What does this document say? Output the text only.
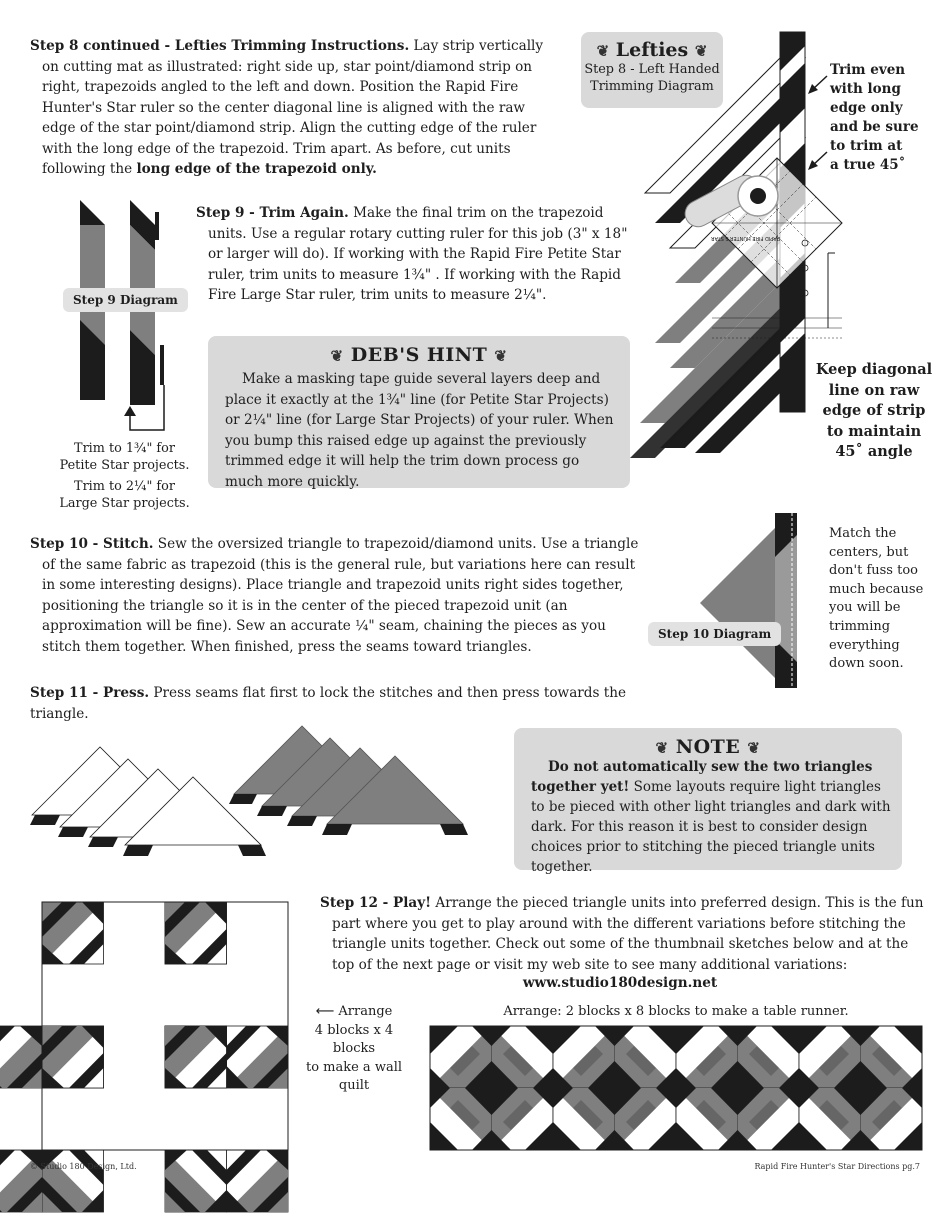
Step 8 continued - Lefties Trimming Instructions. Lay strip vertically on cutting mat as illustrated: right side up, star point/diamond strip on right, trapezoids angled to the left and down. Position the Rapid Fire Hunter's Star ruler so the center diagonal line is aligned with the raw edge of the star point/diamond strip. Align the cutting edge of the ruler with the long edge of the trapezoid. Trim apart. As before, cut units following the long edge of the trapezoid only.
❦ Lefties ❦
Step 8 - Left Handed
Trimming Diagram
RAPID FIRE HUNTER'S STAR
Trim even
with long
edge only
and be sure
to trim at
a true 45˚
Keep diagonal
line on raw
edge of strip
to maintain
45˚ angle
Step 9 Diagram
Trim to 1¾" for
Petite Star projects.
Trim to 2¼" for
Large Star projects.
Step 9 - Trim Again. Make the final trim on the trapezoid units. Use a regular rotary cutting ruler for this job (3" x 18" or larger will do). If working with the Rapid Fire Petite Star ruler, trim units to measure 1¾" . If working with the Rapid Fire Large Star ruler, trim units to measure 2¼".
❦ DEB'S HINT ❦
Make a masking tape guide several layers deep and place it exactly at the 1¾" line (for Petite Star Projects) or 2¼" line (for Large Star Projects) of your ruler. When you bump this raised edge up against the previously trimmed edge it will help the trim down process go much more quickly.
Step 10 - Stitch. Sew the oversized triangle to trapezoid/diamond units. Use a triangle of the same fabric as trapezoid (this is the general rule, but variations here can result in some interesting designs). Place triangle and trapezoid units right sides together, positioning the triangle so it is in the center of the pieced trapezoid unit (an approximation will be fine). Sew an accurate ¼" seam, chaining the pieces as you stitch them together. When finished, press the seams toward triangles.
Step 10 Diagram
Match the
centers, but
don't fuss too
much because
you will be
trimming
everything
down soon.
Step 11 - Press. Press seams flat first to lock the stitches and then press towards the triangle.
❦ NOTE ❦
Do not automatically sew the two triangles together yet! Some layouts require light triangles to be pieced with other light triangles and dark with dark. For this reason it is best to consider design choices prior to stitching the pieced triangle units together.
Step 12 - Play! Arrange the pieced triangle units into preferred design. This is the fun part where you get to play around with the different variations before stitching the triangle units together. Check out some of the thumbnail sketches below and at the top of the next page or visit my web site to see many additional variations:
www.studio180design.net
⟵ Arrange
4 blocks x 4 blocks
to make a wall quilt
Arrange: 2 blocks x 8 blocks to make a table runner.
© Studio 180 Design, Ltd.	Rapid Fire Hunter's Star Directions pg.7
